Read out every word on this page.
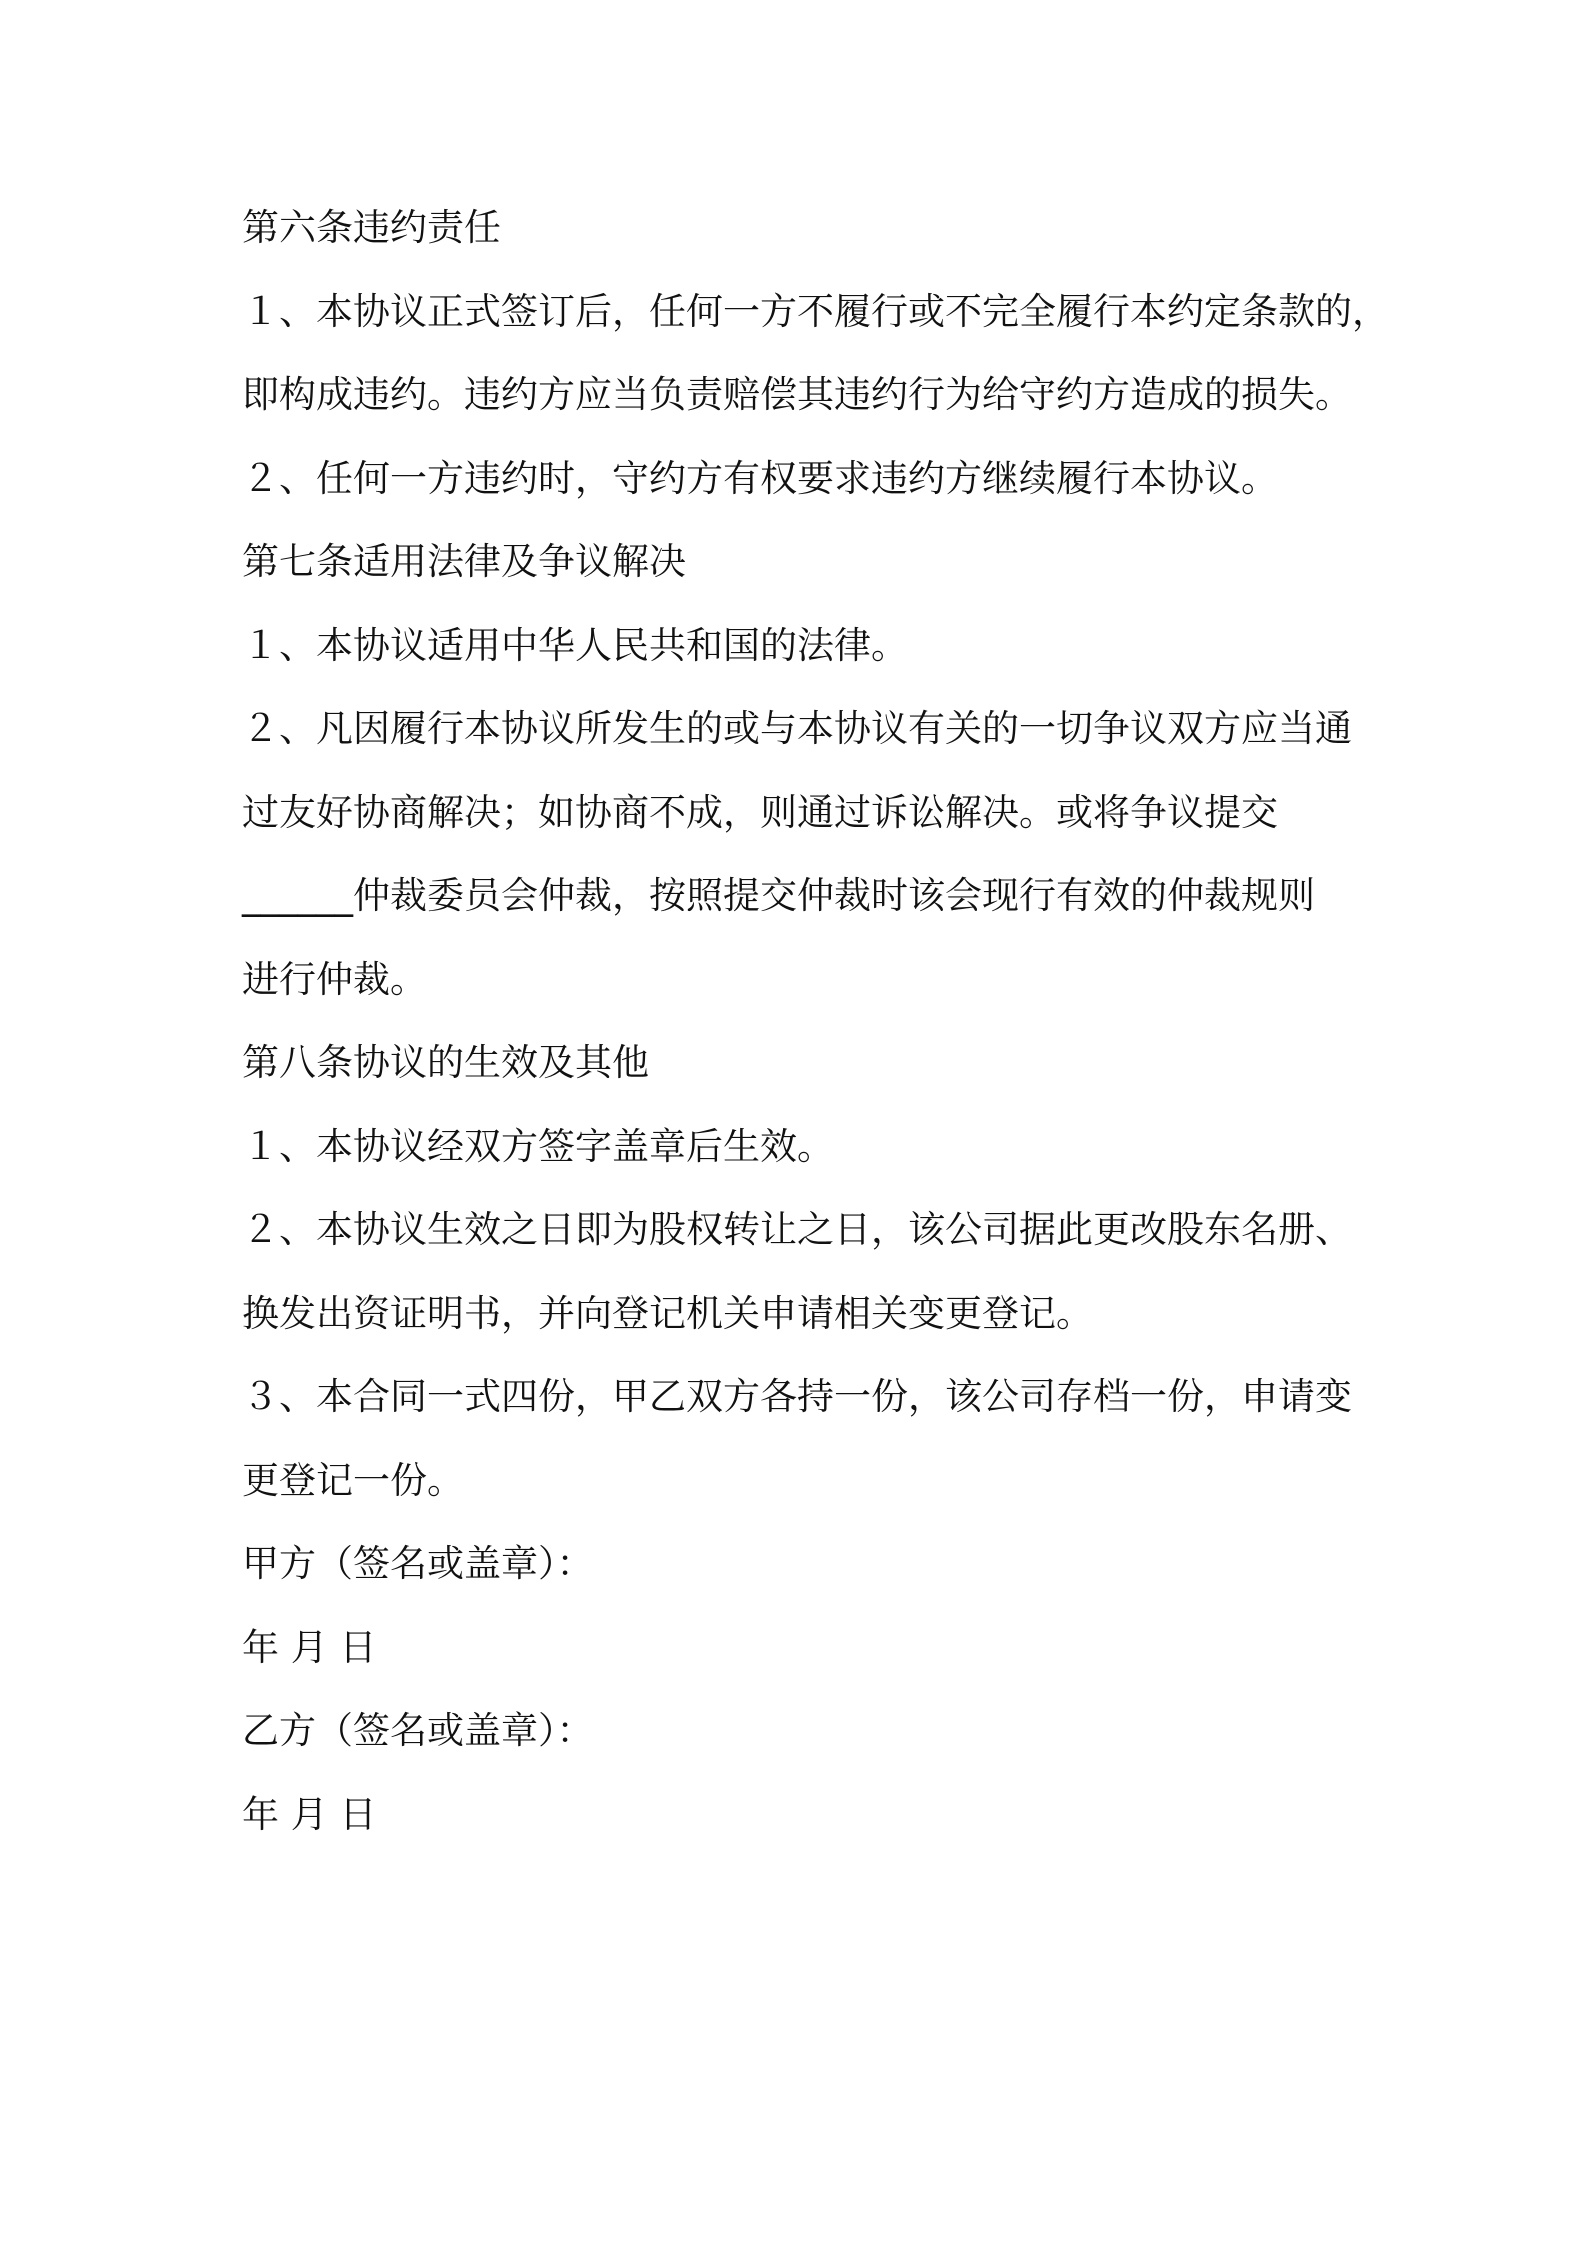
第六条违约责任

１、本协议正式签订后，任何一方不履行或不完全履行本约定条款的，

即构成违约。违约方应当负责赔偿其违约行为给守约方造成的损失。

２、任何一方违约时，守约方有权要求违约方继续履行本协议。

第七条适用法律及争议解决

１、本协议适用中华人民共和国的法律。

２、凡因履行本协议所发生的或与本协议有关的一切争议双方应当通

过友好协商解决；如协商不成，则通过诉讼解决。或将争议提交

______仲裁委员会仲裁，按照提交仲裁时该会现行有效的仲裁规则

进行仲裁。

第八条协议的生效及其他

１、本协议经双方签字盖章后生效。

２、本协议生效之日即为股权转让之日，该公司据此更改股东名册、

换发出资证明书，并向登记机关申请相关变更登记。

３、本合同一式四份，甲乙双方各持一份，该公司存档一份，申请变

更登记一份。

甲方（签名或盖章）：

年 月 日

乙方（签名或盖章）：

年 月 日
